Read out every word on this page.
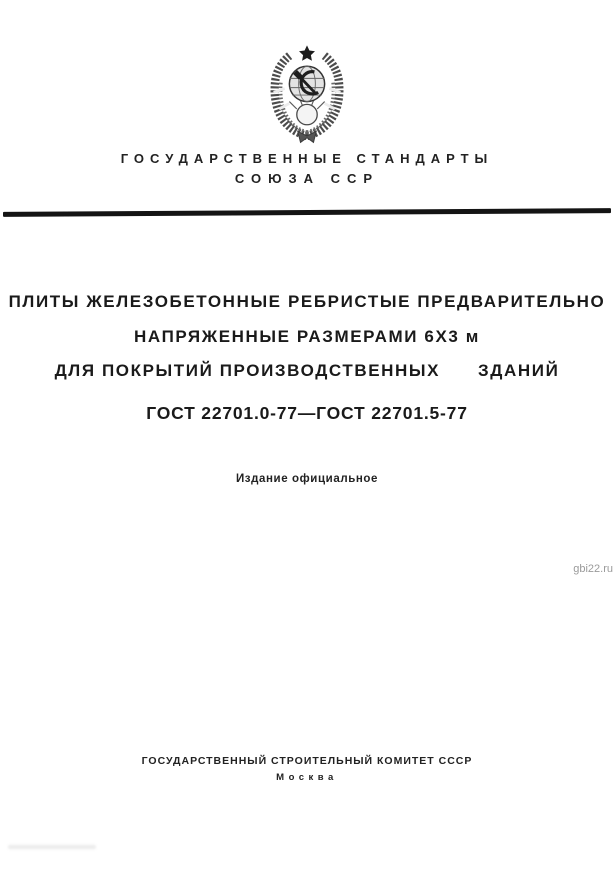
ГОСУДАРСТВЕННЫЕ СТАНДАРТЫ
СОЮЗА ССР
ПЛИТЫ ЖЕЛЕЗОБЕТОННЫЕ РЕБРИСТЫЕ ПРЕДВАРИТЕЛЬНО
НАПРЯЖЕННЫЕ РАЗМЕРАМИ 6Х3 м
ДЛЯ ПОКРЫТИЙ ПРОИЗВОДСТВЕННЫХ      ЗДАНИЙ
ГОСТ 22701.0-77—ГОСТ 22701.5-77
Издание официальное
gbi22.ru
ГОСУДАРСТВЕННЫЙ СТРОИТЕЛЬНЫЙ КОМИТЕТ СССР
Москва
